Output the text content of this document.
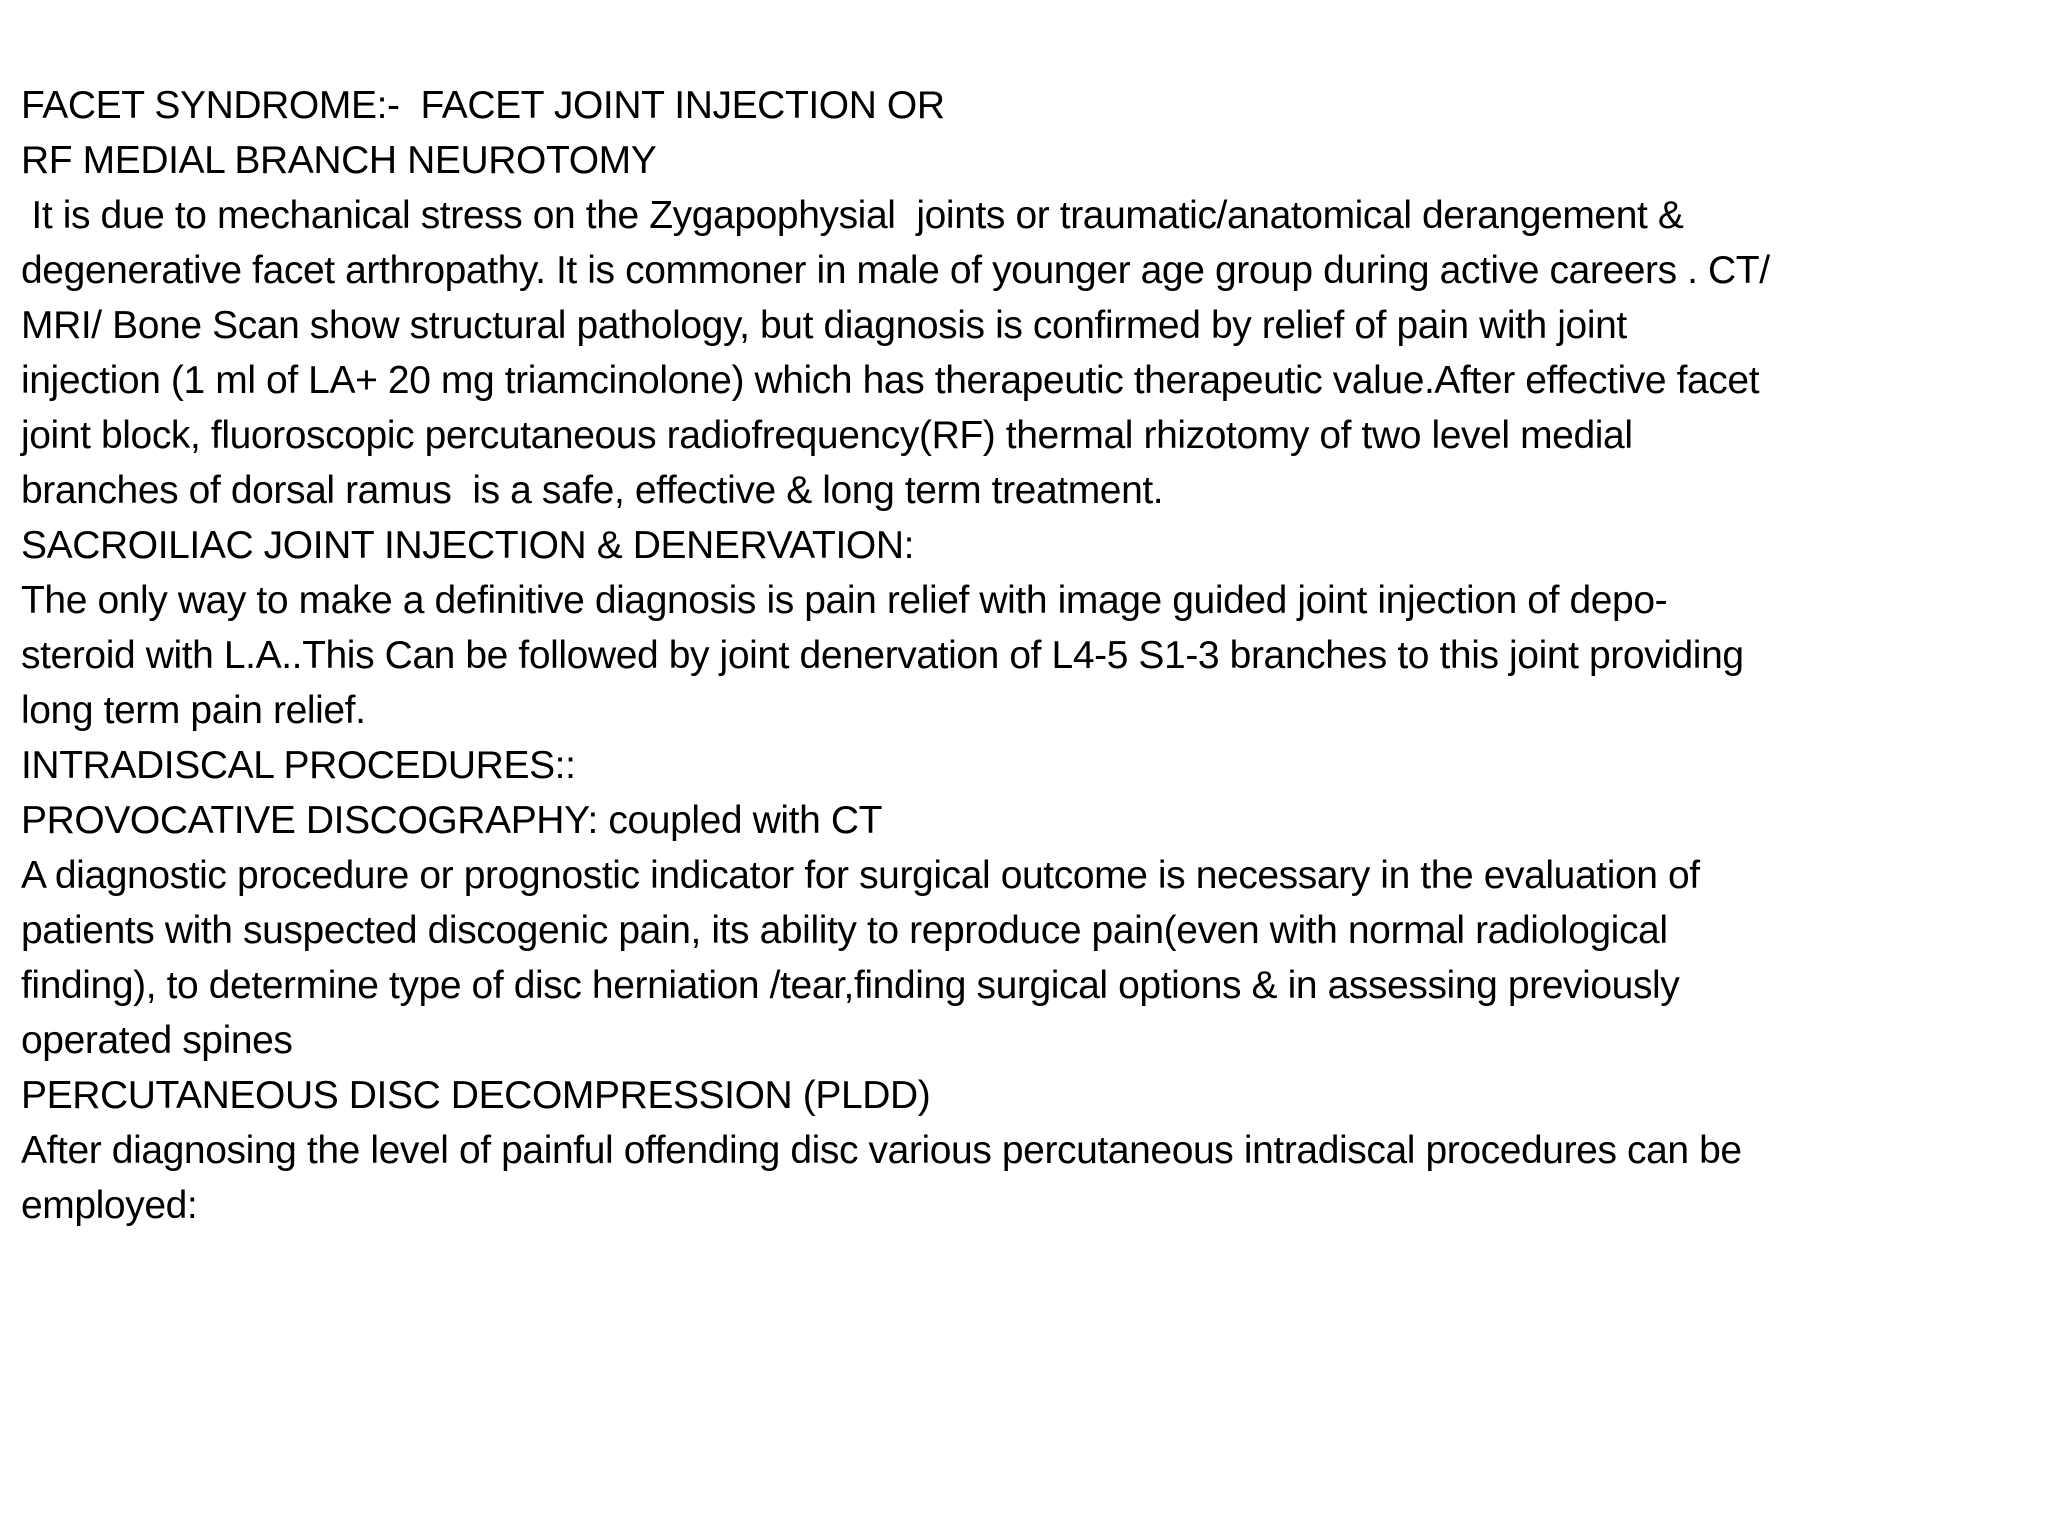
FACET SYNDROME:-  FACET JOINT INJECTION OR
RF MEDIAL BRANCH NEUROTOMY
It is due to mechanical stress on the Zygapophysial  joints or traumatic/anatomical derangement &
degenerative facet arthropathy. It is commoner in male of younger age group during active careers . CT/
MRI/ Bone Scan show structural pathology, but diagnosis is confirmed by relief of pain with joint
injection (1 ml of LA+ 20 mg triamcinolone) which has therapeutic therapeutic value.After effective facet
joint block, fluoroscopic percutaneous radiofrequency(RF) thermal rhizotomy of two level medial
branches of dorsal ramus  is a safe, effective & long term treatment.
SACROILIAC JOINT INJECTION & DENERVATION:
The only way to make a definitive diagnosis is pain relief with image guided joint injection of depo-
steroid with L.A..This Can be followed by joint denervation of L4-5 S1-3 branches to this joint providing
long term pain relief.
INTRADISCAL PROCEDURES::
PROVOCATIVE DISCOGRAPHY: coupled with CT
A diagnostic procedure or prognostic indicator for surgical outcome is necessary in the evaluation of
patients with suspected discogenic pain, its ability to reproduce pain(even with normal radiological
finding), to determine type of disc herniation /tear,finding surgical options & in assessing previously
operated spines
PERCUTANEOUS DISC DECOMPRESSION (PLDD)
After diagnosing the level of painful offending disc various percutaneous intradiscal procedures can be
employed:
